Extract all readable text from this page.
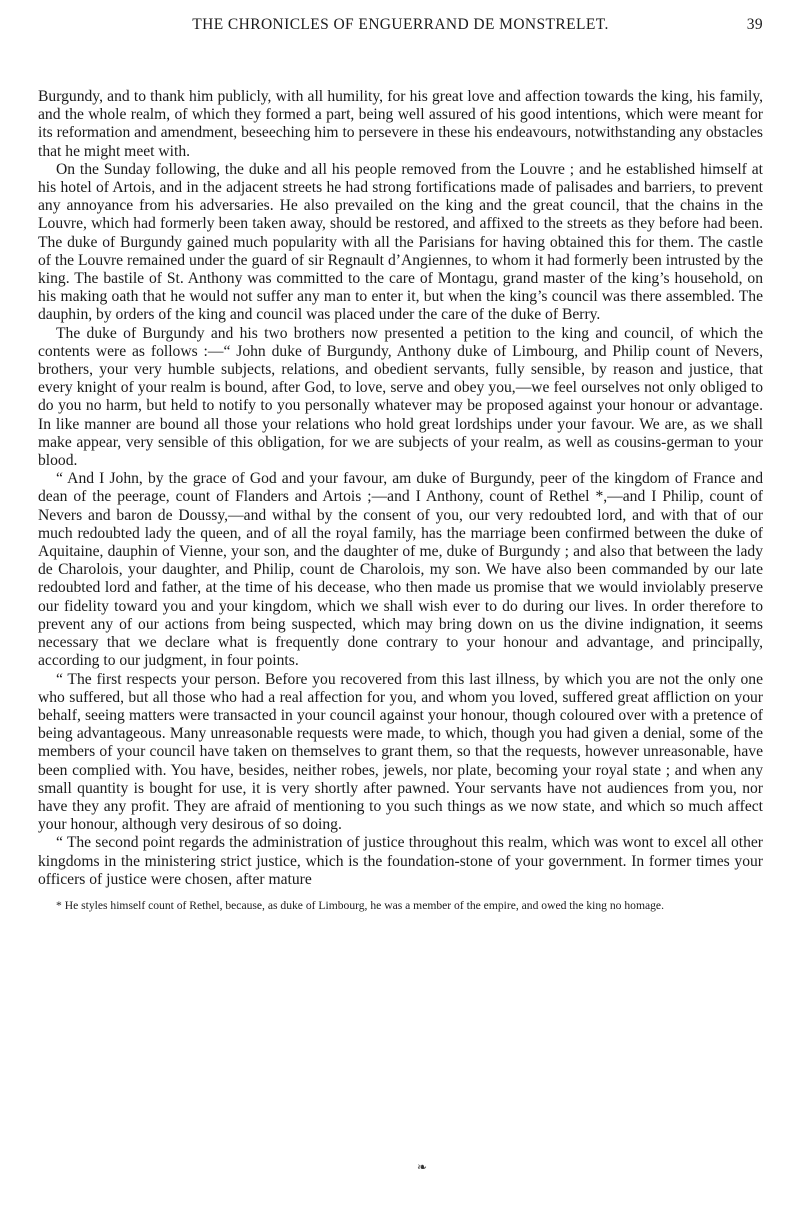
THE CHRONICLES OF ENGUERRAND DE MONSTRELET.	39

Burgundy, and to thank him publicly, with all humility, for his great love and affection towards the king, his family, and the whole realm, of which they formed a part, being well assured of his good intentions, which were meant for its reformation and amendment, beseeching him to persevere in these his endeavours, notwithstanding any obstacles that he might meet with.

On the Sunday following, the duke and all his people removed from the Louvre ; and he established himself at his hotel of Artois, and in the adjacent streets he had strong fortifications made of palisades and barriers, to prevent any annoyance from his adversaries. He also prevailed on the king and the great council, that the chains in the Louvre, which had formerly been taken away, should be restored, and affixed to the streets as they before had been. The duke of Burgundy gained much popularity with all the Parisians for having obtained this for them. The castle of the Louvre remained under the guard of sir Regnault d’Angiennes, to whom it had formerly been intrusted by the king. The bastile of St. Anthony was committed to the care of Montagu, grand master of the king’s household, on his making oath that he would not suffer any man to enter it, but when the king’s council was there assembled. The dauphin, by orders of the king and council was placed under the care of the duke of Berry.

The duke of Burgundy and his two brothers now presented a petition to the king and council, of which the contents were as follows :—“ John duke of Burgundy, Anthony duke of Limbourg, and Philip count of Nevers, brothers, your very humble subjects, relations, and obedient servants, fully sensible, by reason and justice, that every knight of your realm is bound, after God, to love, serve and obey you,—we feel ourselves not only obliged to do you no harm, but held to notify to you personally whatever may be proposed against your honour or advantage. In like manner are bound all those your relations who hold great lordships under your favour. We are, as we shall make appear, very sensible of this obligation, for we are subjects of your realm, as well as cousins-german to your blood.

“ And I John, by the grace of God and your favour, am duke of Burgundy, peer of the kingdom of France and dean of the peerage, count of Flanders and Artois ;—and I Anthony, count of Rethel *,—and I Philip, count of Nevers and baron de Doussy,—and withal by the consent of you, our very redoubted lord, and with that of our much redoubted lady the queen, and of all the royal family, has the marriage been confirmed between the duke of Aquitaine, dauphin of Vienne, your son, and the daughter of me, duke of Burgundy ; and also that between the lady de Charolois, your daughter, and Philip, count de Charolois, my son. We have also been commanded by our late redoubted lord and father, at the time of his decease, who then made us promise that we would inviolably preserve our fidelity toward you and your kingdom, which we shall wish ever to do during our lives. In order therefore to prevent any of our actions from being suspected, which may bring down on us the divine indignation, it seems necessary that we declare what is frequently done contrary to your honour and advantage, and principally, according to our judgment, in four points.

“ The first respects your person. Before you recovered from this last illness, by which you are not the only one who suffered, but all those who had a real affection for you, and whom you loved, suffered great affliction on your behalf, seeing matters were transacted in your council against your honour, though coloured over with a pretence of being advantageous. Many unreasonable requests were made, to which, though you had given a denial, some of the members of your council have taken on themselves to grant them, so that the requests, however unreasonable, have been complied with. You have, besides, neither robes, jewels, nor plate, becoming your royal state ; and when any small quantity is bought for use, it is very shortly after pawned. Your servants have not audiences from you, nor have they any profit. They are afraid of mentioning to you such things as we now state, and which so much affect your honour, although very desirous of so doing.

“ The second point regards the administration of justice throughout this realm, which was wont to excel all other kingdoms in the ministering strict justice, which is the foundation-stone of your government. In former times your officers of justice were chosen, after mature

* He styles himself count of Rethel, because, as duke of Limbourg, he was a member of the empire, and owed the king no homage.
❧
